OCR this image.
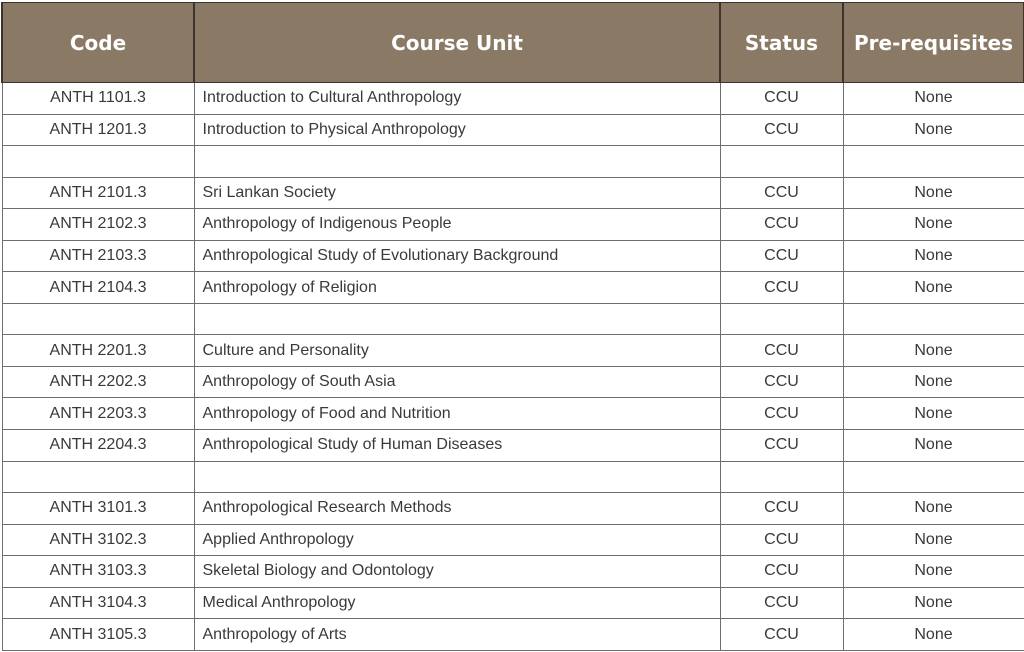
Code	Course Unit	Status	Pre-requisites
ANTH 1101.3	Introduction to Cultural Anthropology	CCU	None
ANTH 1201.3	Introduction to Physical Anthropology	CCU	None

ANTH 2101.3	Sri Lankan Society	CCU	None
ANTH 2102.3	Anthropology of Indigenous People	CCU	None
ANTH 2103.3	Anthropological Study of Evolutionary Background	CCU	None
ANTH 2104.3	Anthropology of Religion	CCU	None

ANTH 2201.3	Culture and Personality	CCU	None
ANTH 2202.3	Anthropology of South Asia	CCU	None
ANTH 2203.3	Anthropology of Food and Nutrition	CCU	None
ANTH 2204.3	Anthropological Study of Human Diseases	CCU	None

ANTH 3101.3	Anthropological Research Methods	CCU	None
ANTH 3102.3	Applied Anthropology	CCU	None
ANTH 3103.3	Skeletal Biology and Odontology	CCU	None
ANTH 3104.3	Medical Anthropology	CCU	None
ANTH 3105.3	Anthropology of Arts	CCU	None
